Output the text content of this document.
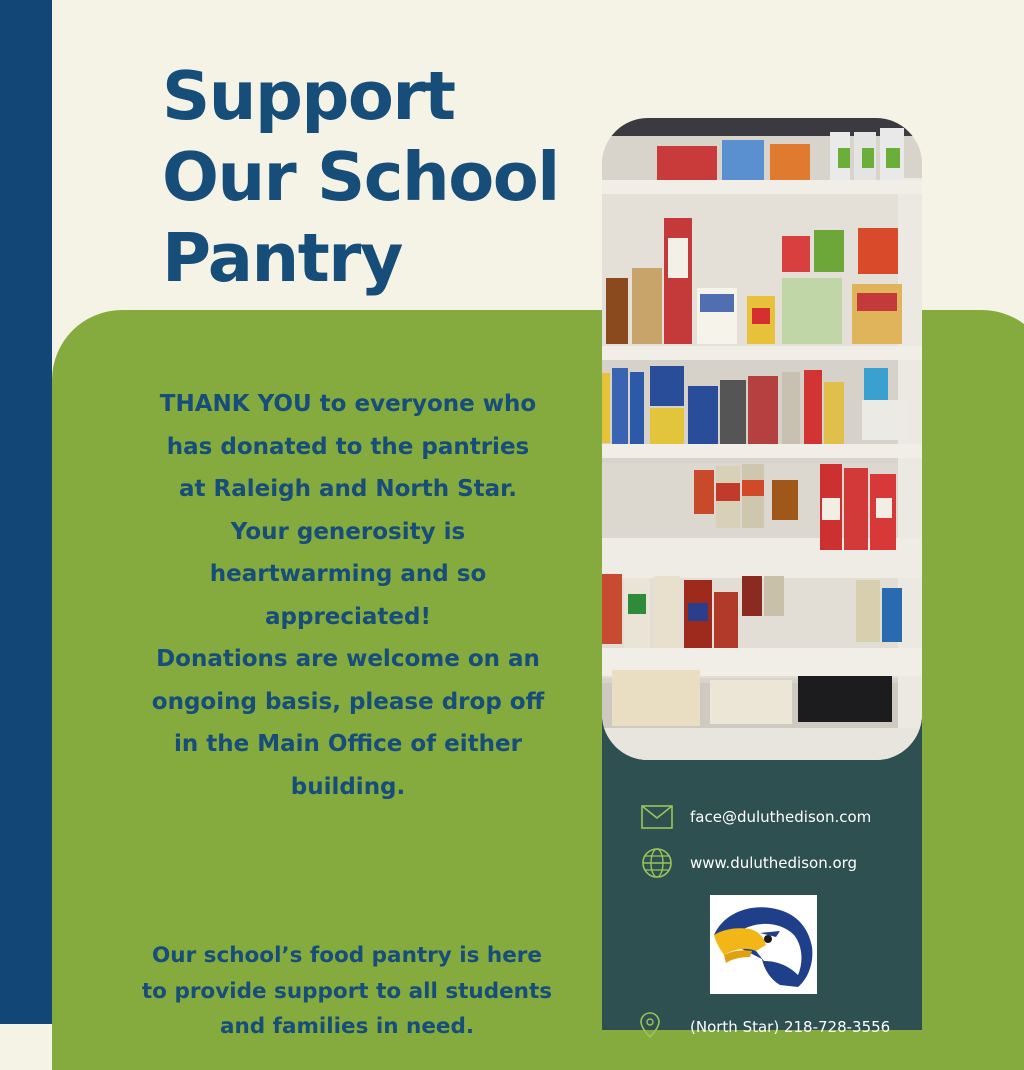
Support
Our School
Pantry

THANK YOU to everyone who has donated to the pantries at Raleigh and North Star. Your generosity is heartwarming and so appreciated!

Donations are welcome on an ongoing basis, please drop off in the Main Office of either building.

Our school’s food pantry is here to provide support to all students and families in need.

face@duluthedison.com
www.duluthedison.org
(North Star) 218-728-3556
